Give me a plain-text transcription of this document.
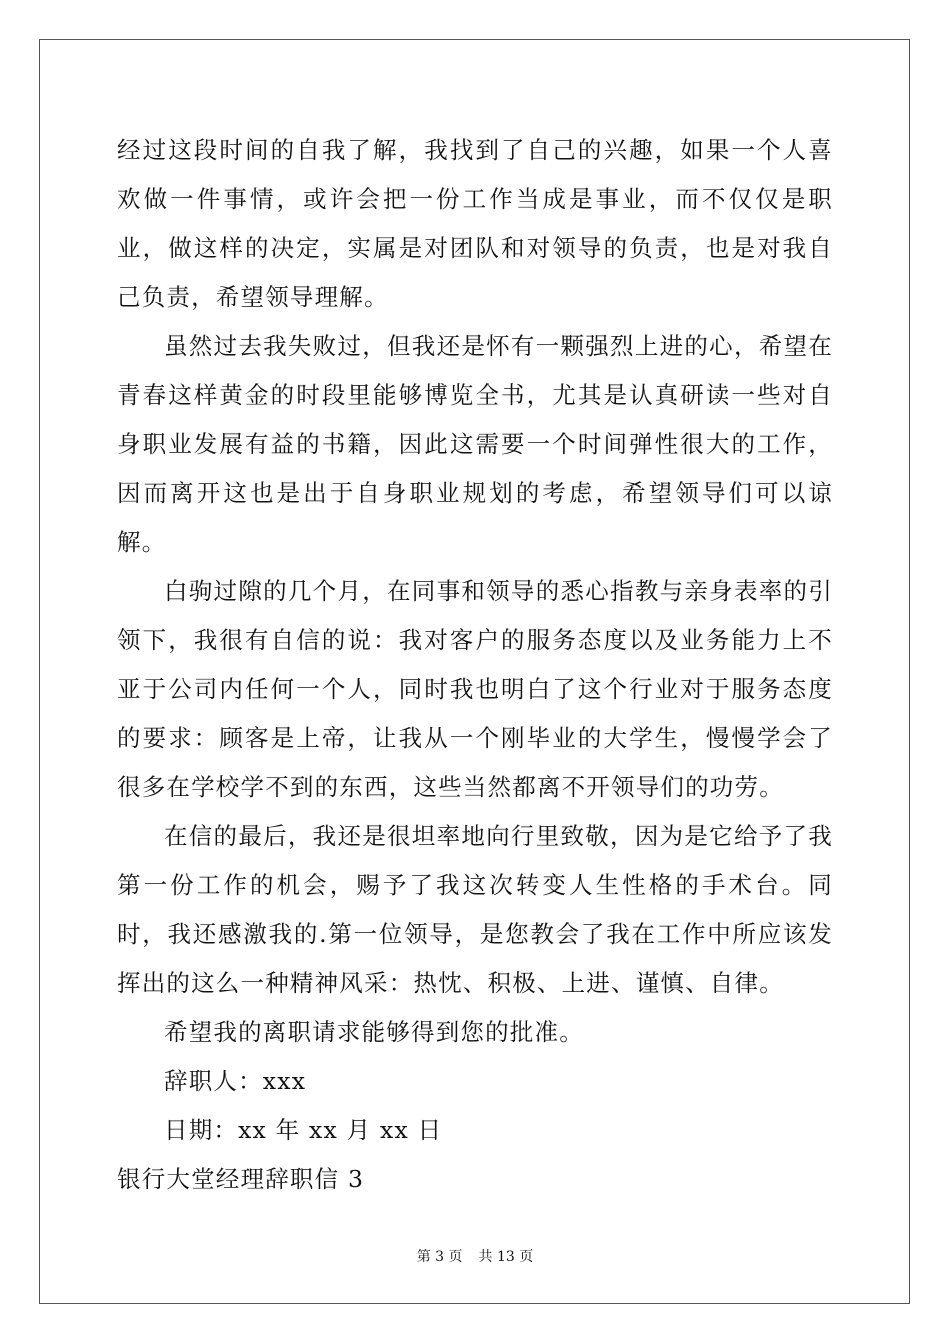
经过这段时间的自我了解，我找到了自己的兴趣，如果一个人喜欢做一件事情，或许会把一份工作当成是事业，而不仅仅是职业，做这样的决定，实属是对团队和对领导的负责，也是对我自己负责，希望领导理解。

虽然过去我失败过，但我还是怀有一颗强烈上进的心，希望在青春这样黄金的时段里能够博览全书，尤其是认真研读一些对自身职业发展有益的书籍，因此这需要一个时间弹性很大的工作，因而离开这也是出于自身职业规划的考虑，希望领导们可以谅解。

白驹过隙的几个月，在同事和领导的悉心指教与亲身表率的引领下，我很有自信的说：我对客户的服务态度以及业务能力上不亚于公司内任何一个人，同时我也明白了这个行业对于服务态度的要求：顾客是上帝，让我从一个刚毕业的大学生，慢慢学会了很多在学校学不到的东西，这些当然都离不开领导们的功劳。

在信的最后，我还是很坦率地向行里致敬，因为是它给予了我第一份工作的机会，赐予了我这次转变人生性格的手术台。同时，我还感激我的.第一位领导，是您教会了我在工作中所应该发挥出的这么一种精神风采：热忱、积极、上进、谨慎、自律。

希望我的离职请求能够得到您的批准。

辞职人：xxx

日期：xx 年 xx 月 xx 日

银行大堂经理辞职信 3

第 3 页 共 13 页
